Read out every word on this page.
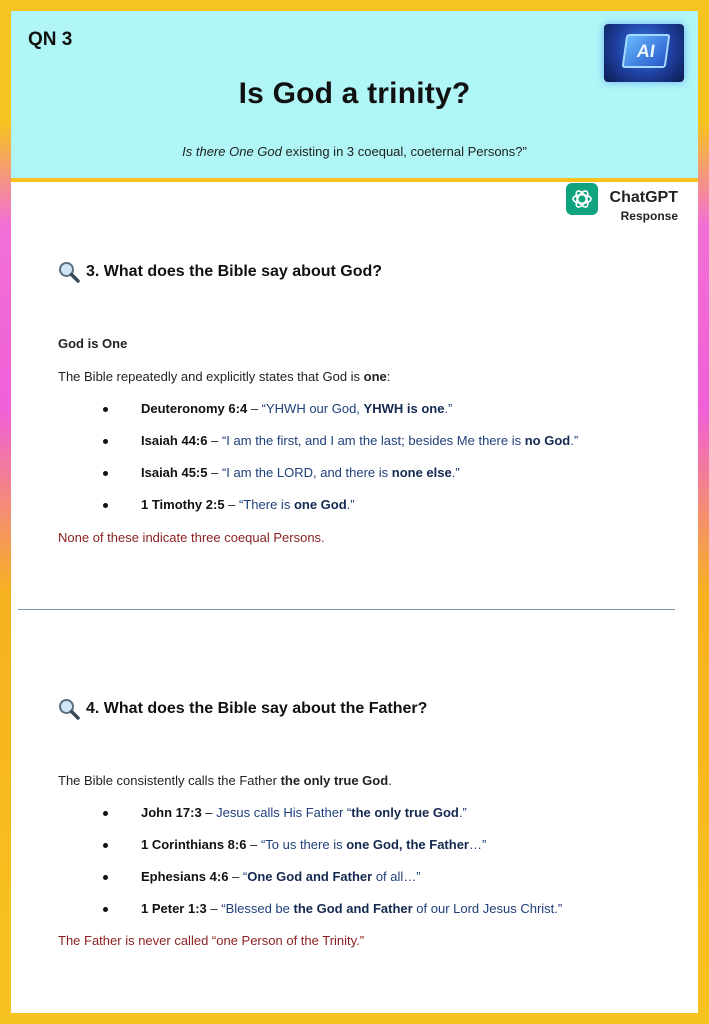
QN 3
AI
Is God a trinity?
Is there One God existing in 3 coequal, coeternal Persons?”
ChatGPT
Response
3. What does the Bible say about God?
God is One
The Bible repeatedly and explicitly states that God is one:
Deuteronomy 6:4 – “YHWH our God, YHWH is one.”
Isaiah 44:6 – “I am the first, and I am the last; besides Me there is no God.”
Isaiah 45:5 – “I am the LORD, and there is none else.”
1 Timothy 2:5 – “There is one God.”
None of these indicate three coequal Persons.
4. What does the Bible say about the Father?
The Bible consistently calls the Father the only true God.
John 17:3 – Jesus calls His Father “the only true God.”
1 Corinthians 8:6 – “To us there is one God, the Father…”
Ephesians 4:6 – “One God and Father of all…”
1 Peter 1:3 – “Blessed be the God and Father of our Lord Jesus Christ.”
The Father is never called “one Person of the Trinity.”
